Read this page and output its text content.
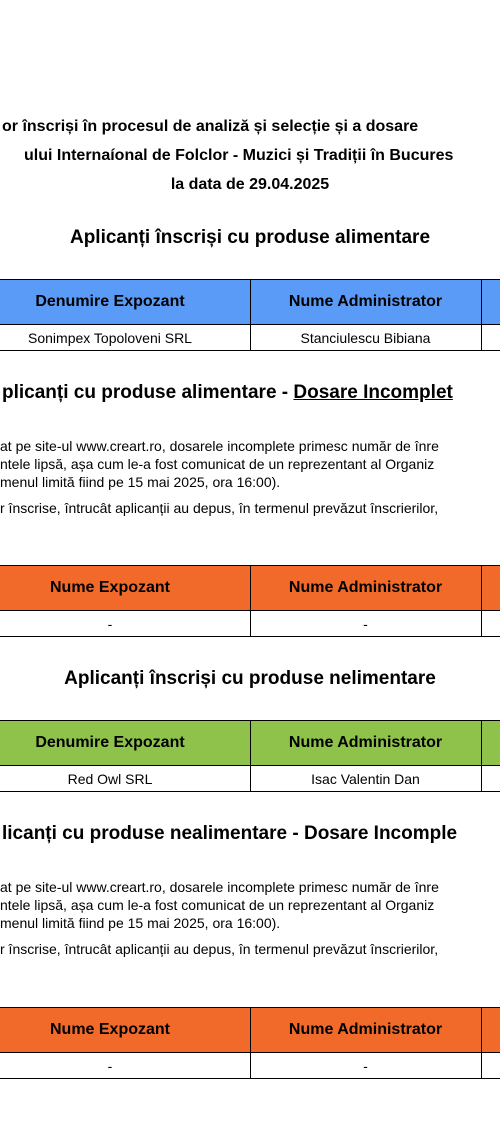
or înscriși în procesul de analiză și selecție și a dosare
ului Internaíonal de Folclor - Muzici și Tradiții în Bucures
la data de 29.04.2025
Aplicanți înscriși cu produse alimentare
Denumire Expozant	Nume Administrator
Sonimpex Topoloveni SRL	Stanciulescu Bibiana
plicanți cu produse alimentare - Dosare Incomplet
at pe site-ul www.creart.ro, dosarele incomplete primesc număr de înre
ntele lipsă, așa cum le-a fost comunicat de un reprezentant al Organiz
menul limită fiind pe 15 mai 2025, ora 16:00).
r înscrise, întrucât aplicanții au depus, în termenul prevăzut înscrierilor,
Nume Expozant	Nume Administrator
-	-
Aplicanți înscriși cu produse nelimentare
Denumire Expozant	Nume Administrator
Red Owl SRL	Isac Valentin Dan
licanți cu produse nealimentare - Dosare Incomple
at pe site-ul www.creart.ro, dosarele incomplete primesc număr de înre
ntele lipsă, așa cum le-a fost comunicat de un reprezentant al Organiz
menul limită fiind pe 15 mai 2025, ora 16:00).
r înscrise, întrucât aplicanții au depus, în termenul prevăzut înscrierilor,
Nume Expozant	Nume Administrator
-	-
